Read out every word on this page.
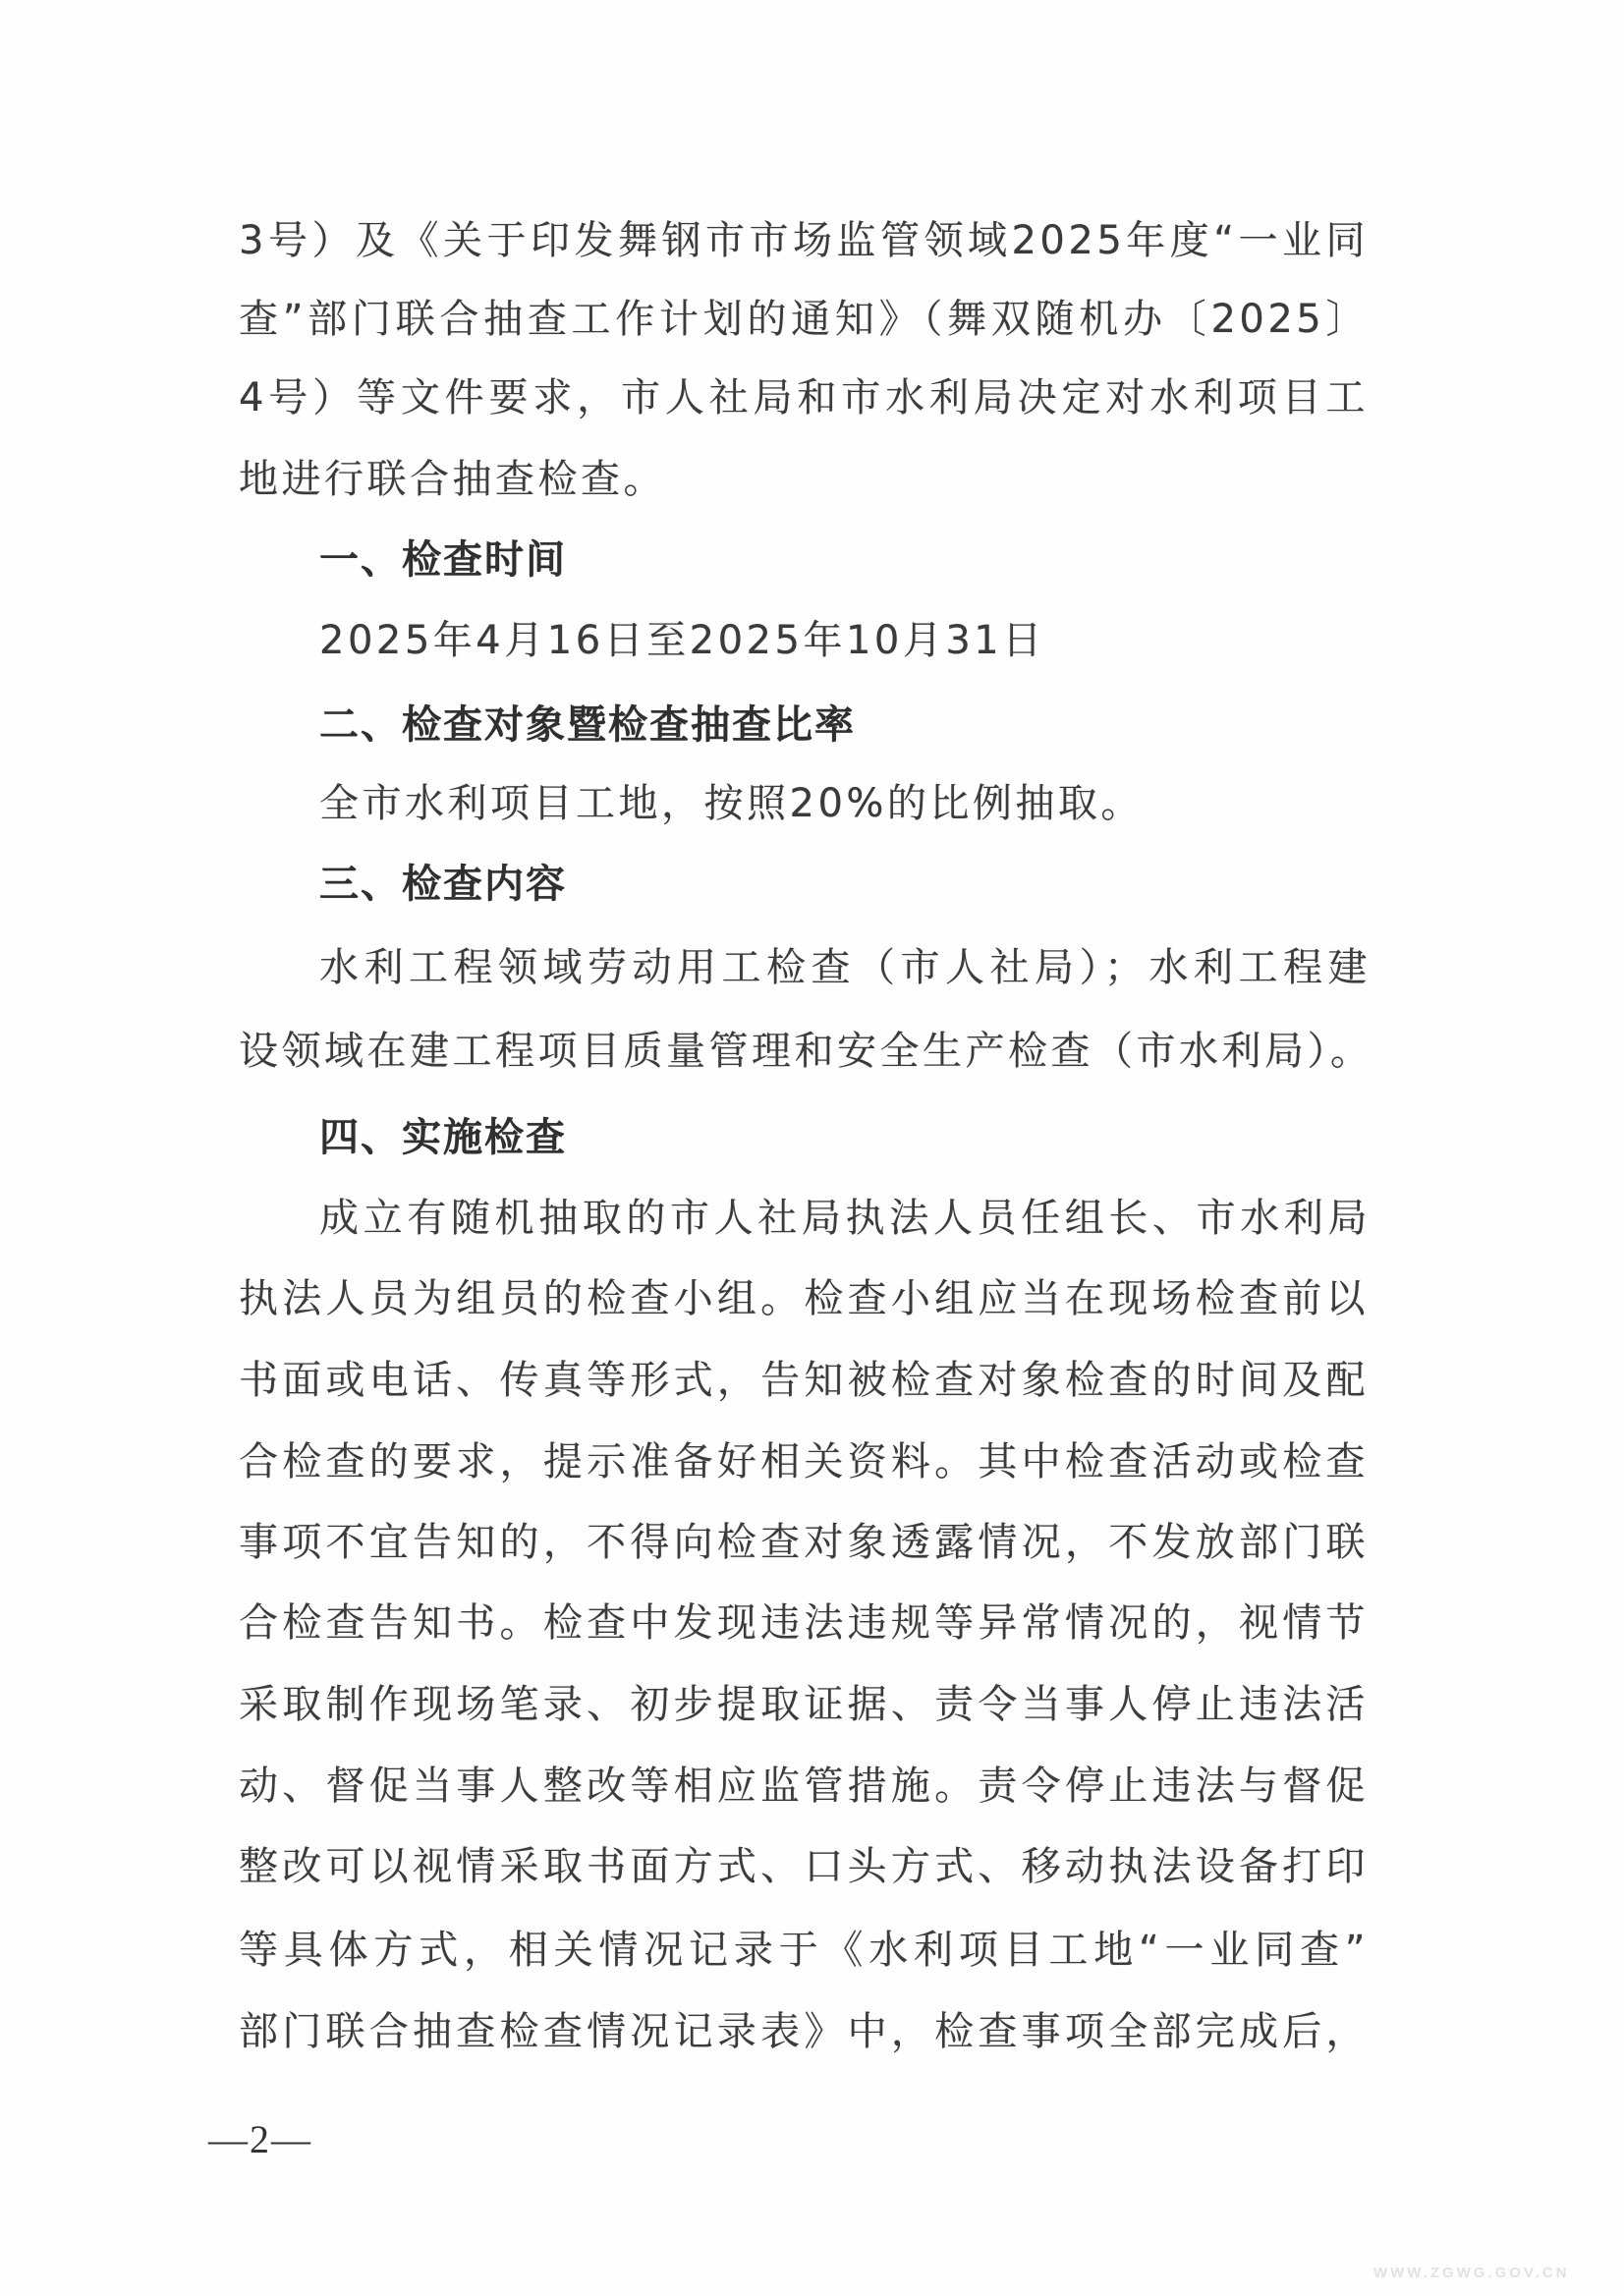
3号）及《关于印发舞钢市市场监管领域2025年度“一业同
查”部门联合抽查工作计划的通知》（舞双随机办〔2025〕
4号）等文件要求，市人社局和市水利局决定对水利项目工
地进行联合抽查检查。
一、检查时间
2025年4月16日至2025年10月31日
二、检查对象暨检查抽查比率
全市水利项目工地，按照20%的比例抽取。
三、检查内容
水利工程领域劳动用工检查（市人社局）；水利工程建
设领域在建工程项目质量管理和安全生产检查（市水利局）。
四、实施检查
成立有随机抽取的市人社局执法人员任组长、市水利局
执法人员为组员的检查小组。检查小组应当在现场检查前以
书面或电话、传真等形式，告知被检查对象检查的时间及配
合检查的要求，提示准备好相关资料。其中检查活动或检查
事项不宜告知的，不得向检查对象透露情况，不发放部门联
合检查告知书。检查中发现违法违规等异常情况的，视情节
采取制作现场笔录、初步提取证据、责令当事人停止违法活
动、督促当事人整改等相应监管措施。责令停止违法与督促
整改可以视情采取书面方式、口头方式、移动执法设备打印
等具体方式，相关情况记录于《水利项目工地“一业同查”
部门联合抽查检查情况记录表》中，检查事项全部完成后，
—2—
WWW.ZGWG.GOV.CN
